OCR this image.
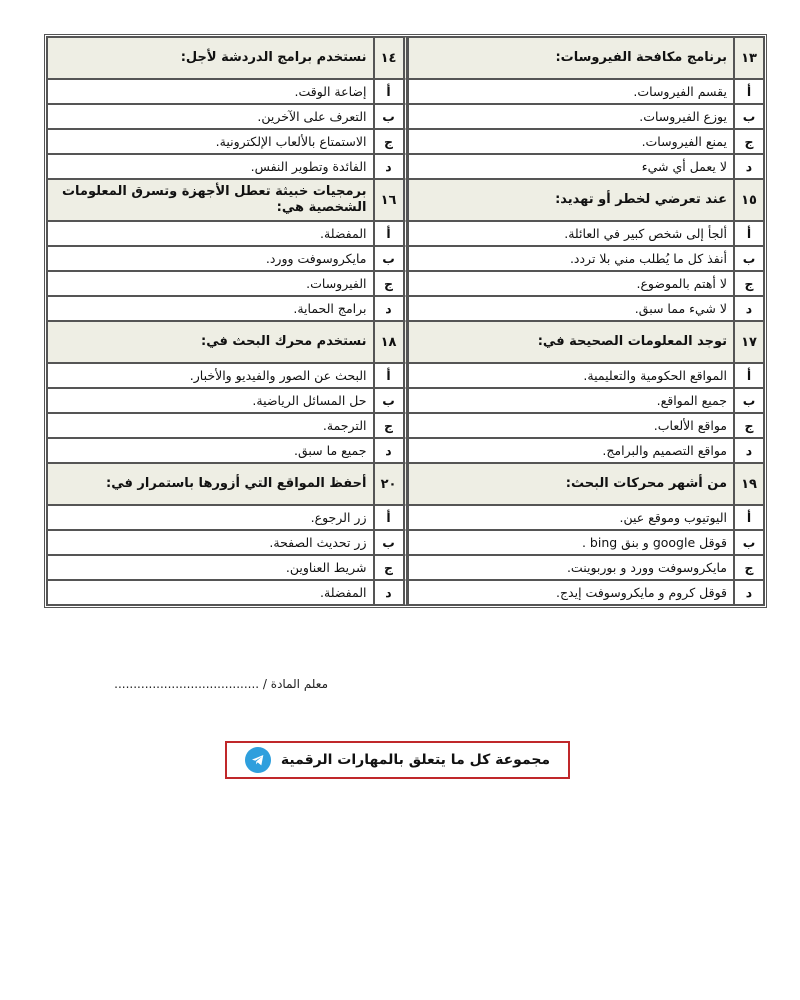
١٣	برنامج مكافحة الفيروسات:		١٤	نستخدم برامج الدردشة لأجل:
أ	يقسم الفيروسات.		أ	إضاعة الوقت.
ب	يوزع الفيروسات.		ب	التعرف على الآخرين.
ج	يمنع الفيروسات.		ج	الاستمتاع بالألعاب الإلكترونية.
د	لا يعمل أي شيء		د	الفائدة وتطوير النفس.
١٥	عند تعرضي لخطر أو تهديد:		١٦	برمجيات خبيثة تعطل الأجهزة وتسرق المعلومات الشخصية هي:
أ	ألجأ إلى شخص كبير في العائلة.		أ	المفضلة.
ب	أنفذ كل ما يُطلب مني بلا تردد.		ب	مايكروسوفت وورد.
ج	لا أهتم بالموضوع.		ج	الفيروسات.
د	لا شيء مما سبق.		د	برامج الحماية.
١٧	توجد المعلومات الصحيحة في:		١٨	نستخدم محرك البحث في:
أ	المواقع الحكومية والتعليمية.		أ	البحث عن الصور والفيديو والأخبار.
ب	جميع المواقع.		ب	حل المسائل الرياضية.
ج	مواقع الألعاب.		ج	الترجمة.
د	مواقع التصميم والبرامج.		د	جميع ما سبق.
١٩	من أشهر محركات البحث:		٢٠	أحفظ المواقع التي أزورها باستمرار في:
أ	اليوتيوب وموقع عين.		أ	زر الرجوع.
ب	قوقل google و بنق bing .		ب	زر تحديث الصفحة.
ج	مايكروسوفت وورد و بوربوينت.		ج	شريط العناوين.
د	قوقل كروم و مايكروسوفت إيدج.		د	المفضلة.
معلم المادة / ......................................
مجموعة كل ما يتعلق بالمهارات الرقمية
